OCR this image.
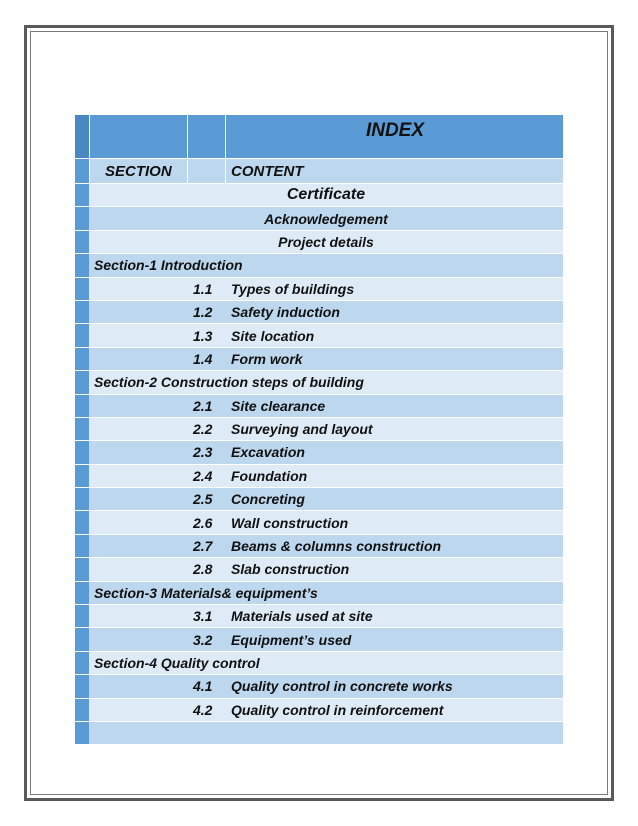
INDEX
SECTION	CONTENT
Certificate
Acknowledgement
Project details
Section-1 Introduction
1.1 Types of buildings
1.2 Safety induction
1.3 Site location
1.4 Form work
Section-2 Construction steps of building
2.1 Site clearance
2.2 Surveying and layout
2.3 Excavation
2.4 Foundation
2.5 Concreting
2.6 Wall construction
2.7 Beams & columns construction
2.8 Slab construction
Section-3 Materials& equipment’s
3.1 Materials used at site
3.2 Equipment’s used
Section-4 Quality control
4.1 Quality control in concrete works
4.2 Quality control in reinforcement
